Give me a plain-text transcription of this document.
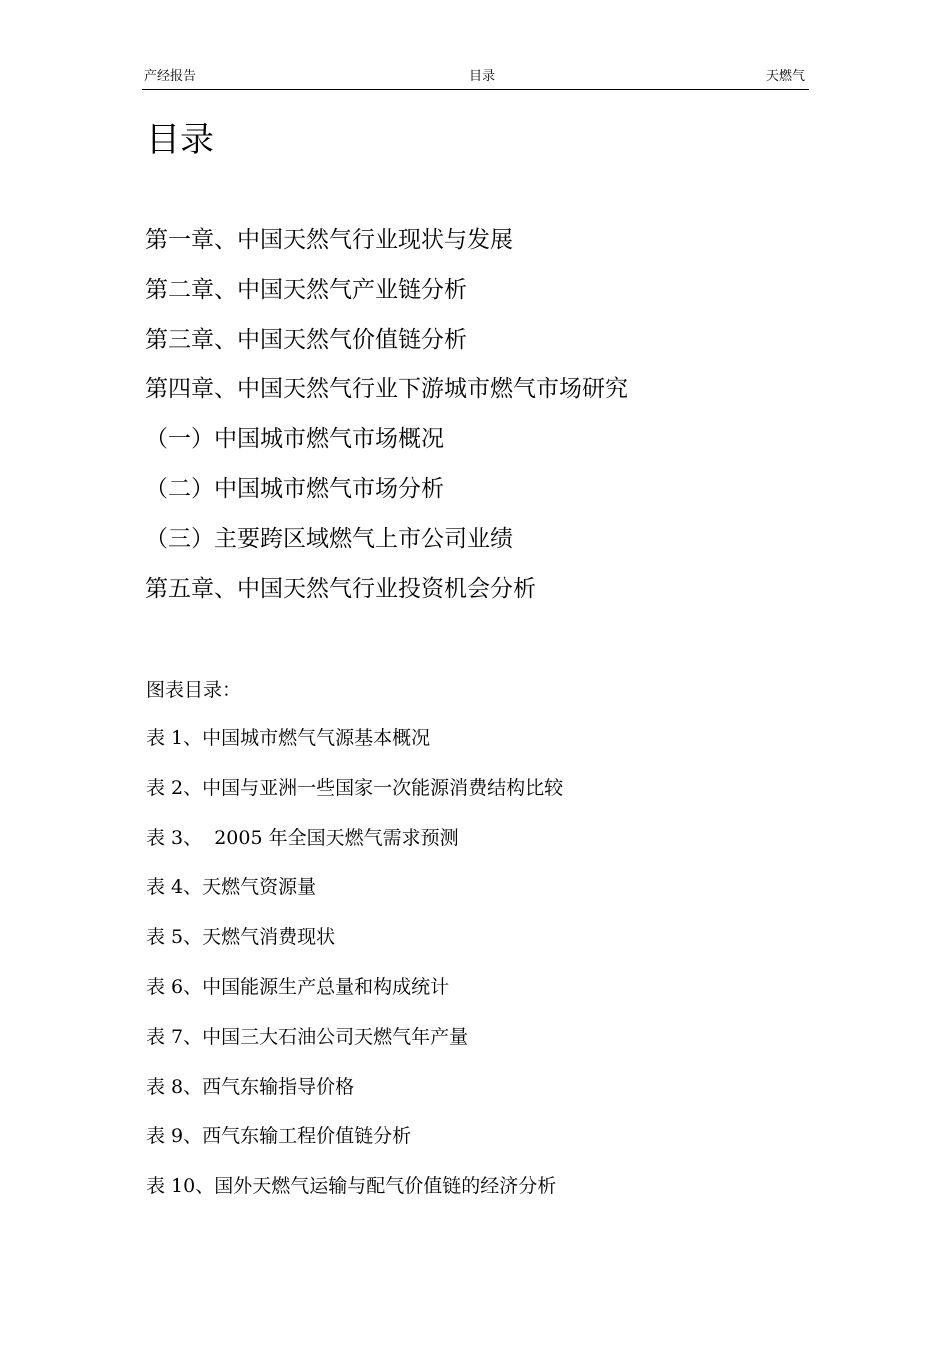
产经报告	目录	天燃气
目录
第一章、中国天然气行业现状与发展
第二章、中国天然气产业链分析
第三章、中国天然气价值链分析
第四章、中国天然气行业下游城市燃气市场研究
（一）中国城市燃气市场概况
（二）中国城市燃气市场分析
（三）主要跨区域燃气上市公司业绩
第五章、中国天然气行业投资机会分析
图表目录：
表 1、中国城市燃气气源基本概况
表 2、中国与亚洲一些国家一次能源消费结构比较
表 3、  2005 年全国天燃气需求预测
表 4、天燃气资源量
表 5、天燃气消费现状
表 6、中国能源生产总量和构成统计
表 7、中国三大石油公司天燃气年产量
表 8、西气东输指导价格
表 9、西气东输工程价值链分析
表 10、国外天燃气运输与配气价值链的经济分析
